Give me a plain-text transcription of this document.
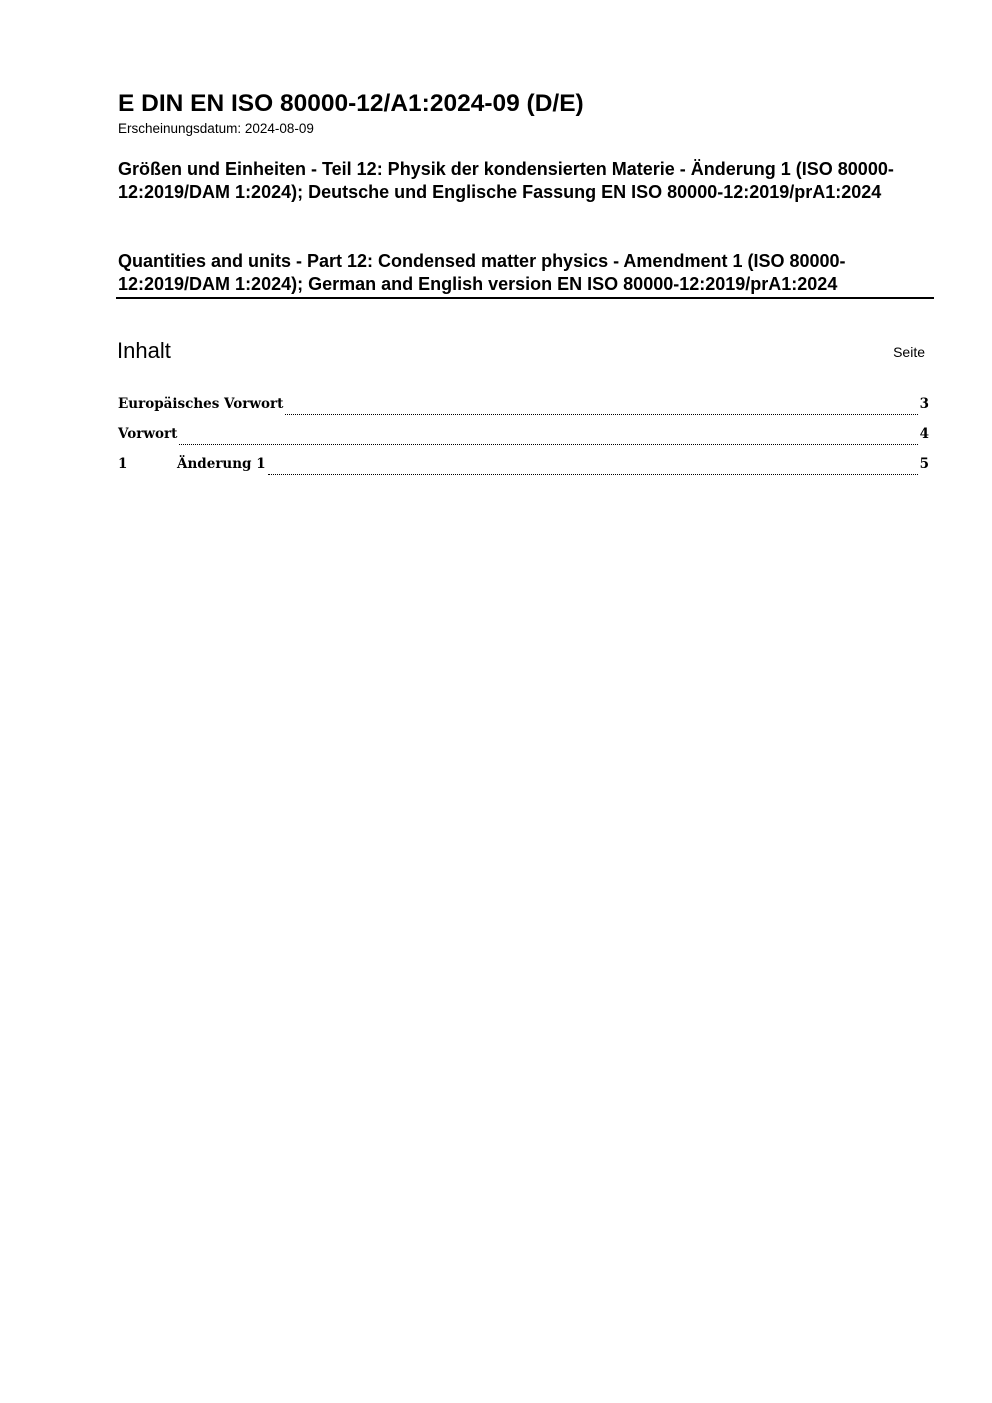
E DIN EN ISO 80000-12/A1:2024-09 (D/E)

Erscheinungsdatum: 2024-08-09

Größen und Einheiten - Teil 12: Physik der kondensierten Materie - Änderung 1 (ISO 80000-12:2019/DAM 1:2024); Deutsche und Englische Fassung EN ISO 80000-12:2019/prA1:2024

Quantities and units - Part 12: Condensed matter physics - Amendment 1 (ISO 80000-12:2019/DAM 1:2024); German and English version EN ISO 80000-12:2019/prA1:2024

Inhalt	Seite
Europäisches Vorwort	3
Vorwort	4
1	Änderung 1	5
